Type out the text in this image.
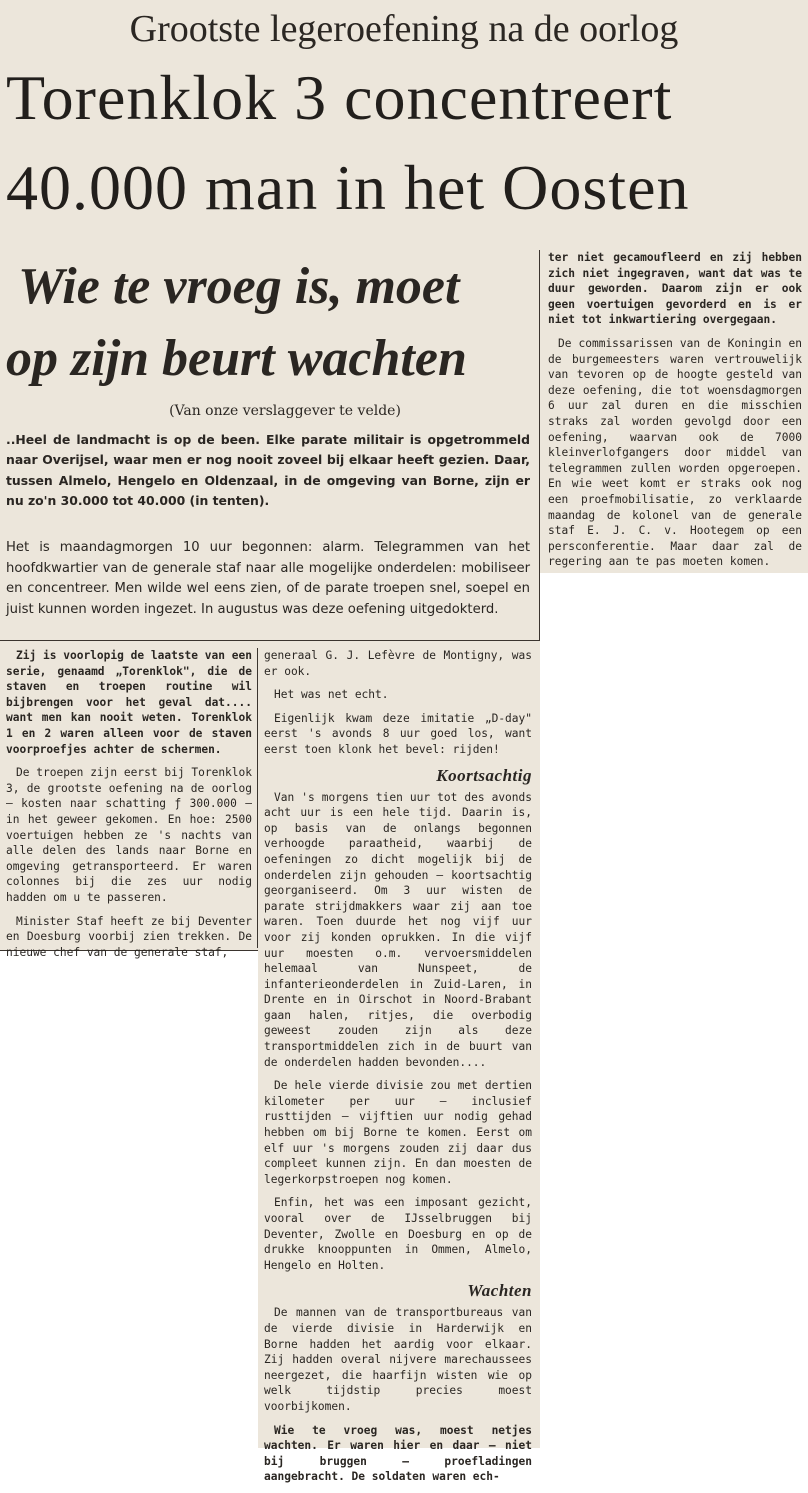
Grootste legeroefening na de oorlog
Torenklok 3 concentreert
40.000 man in het Oosten
Wie te vroeg is, moet
op zijn beurt wachten
(Van onze verslaggever te velde)
..Heel de landmacht is op de been. Elke parate militair is opgetrommeld naar Overijsel, waar men er nog nooit zoveel bij elkaar heeft gezien. Daar, tussen Almelo, Hengelo en Oldenzaal, in de omgeving van Borne, zijn er nu zo'n 30.000 tot 40.000 (in tenten).
Het is maandagmorgen 10 uur begonnen: alarm. Telegrammen van het hoofdkwartier van de generale staf naar alle mogelijke onderdelen: mobiliseer en concentreer. Men wilde wel eens zien, of de parate troepen snel, soepel en juist kunnen worden ingezet. In augustus was deze oefening uitgedokterd.

Zij is voorlopig de laatste van een serie, genaamd „Torenklok", die de staven en troepen routine wil bijbrengen voor het geval dat.... want men kan nooit weten. Torenklok 1 en 2 waren alleen voor de staven voorproefjes achter de schermen.

De troepen zijn eerst bij Torenklok 3, de grootste oefening na de oorlog — kosten naar schatting ƒ 300.000 — in het geweer gekomen. En hoe: 2500 voertuigen hebben ze 's nachts van alle delen des lands naar Borne en omgeving getransporteerd. Er waren colonnes bij die zes uur nodig hadden om u te passeren.

Minister Staf heeft ze bij Deventer en Doesburg voorbij zien trekken. De nieuwe chef van de generale staf,

generaal G. J. Lefèvre de Montigny, was er ook.

Het was net echt.

Eigenlijk kwam deze imitatie „D-day" eerst 's avonds 8 uur goed los, want eerst toen klonk het bevel: rijden!

Koortsachtig

Van 's morgens tien uur tot des avonds acht uur is een hele tijd. Daarin is, op basis van de onlangs begonnen verhoogde paraatheid, waarbij de oefeningen zo dicht mogelijk bij de onderdelen zijn gehouden — koortsachtig georganiseerd. Om 3 uur wisten de parate strijdmakkers waar zij aan toe waren. Toen duurde het nog vijf uur voor zij konden oprukken. In die vijf uur moesten o.m. vervoersmiddelen helemaal van Nunspeet, de infanterieonderdelen in Zuid-Laren, in Drente en in Oirschot in Noord-Brabant gaan halen, ritjes, die overbodig geweest zouden zijn als deze transportmiddelen zich in de buurt van de onderdelen hadden bevonden....

De hele vierde divisie zou met dertien kilometer per uur — inclusief rusttijden — vijftien uur nodig gehad hebben om bij Borne te komen. Eerst om elf uur 's morgens zouden zij daar dus compleet kunnen zijn. En dan moesten de legerkorpstroepen nog komen.

Enfin, het was een imposant gezicht, vooral over de IJsselbruggen bij Deventer, Zwolle en Doesburg en op de drukke knooppunten in Ommen, Almelo, Hengelo en Holten.

Wachten

De mannen van de transportbureaus van de vierde divisie in Harderwijk en Borne hadden het aardig voor elkaar. Zij hadden overal nijvere marechaussees neergezet, die haarfijn wisten wie op welk tijdstip precies moest voorbijkomen.

Wie te vroeg was, moest netjes wachten. Er waren hier en daar — niet bij bruggen — proefladingen aangebracht. De soldaten waren ech-

ter niet gecamoufleerd en zij hebben zich niet ingegraven, want dat was te duur geworden. Daarom zijn er ook geen voertuigen gevorderd en is er niet tot inkwartiering overgegaan.

De commissarissen van de Koningin en de burgemeesters waren vertrouwelijk van tevoren op de hoogte gesteld van deze oefening, die tot woensdagmorgen 6 uur zal duren en die misschien straks zal worden gevolgd door een oefening, waarvan ook de 7000 kleinverlofgangers door middel van telegrammen zullen worden opgeroepen. En wie weet komt er straks ook nog een proefmobilisatie, zo verklaarde maandag de kolonel van de generale staf E. J. C. v. Hootegem op een persconferentie. Maar daar zal de regering aan te pas moeten komen.
